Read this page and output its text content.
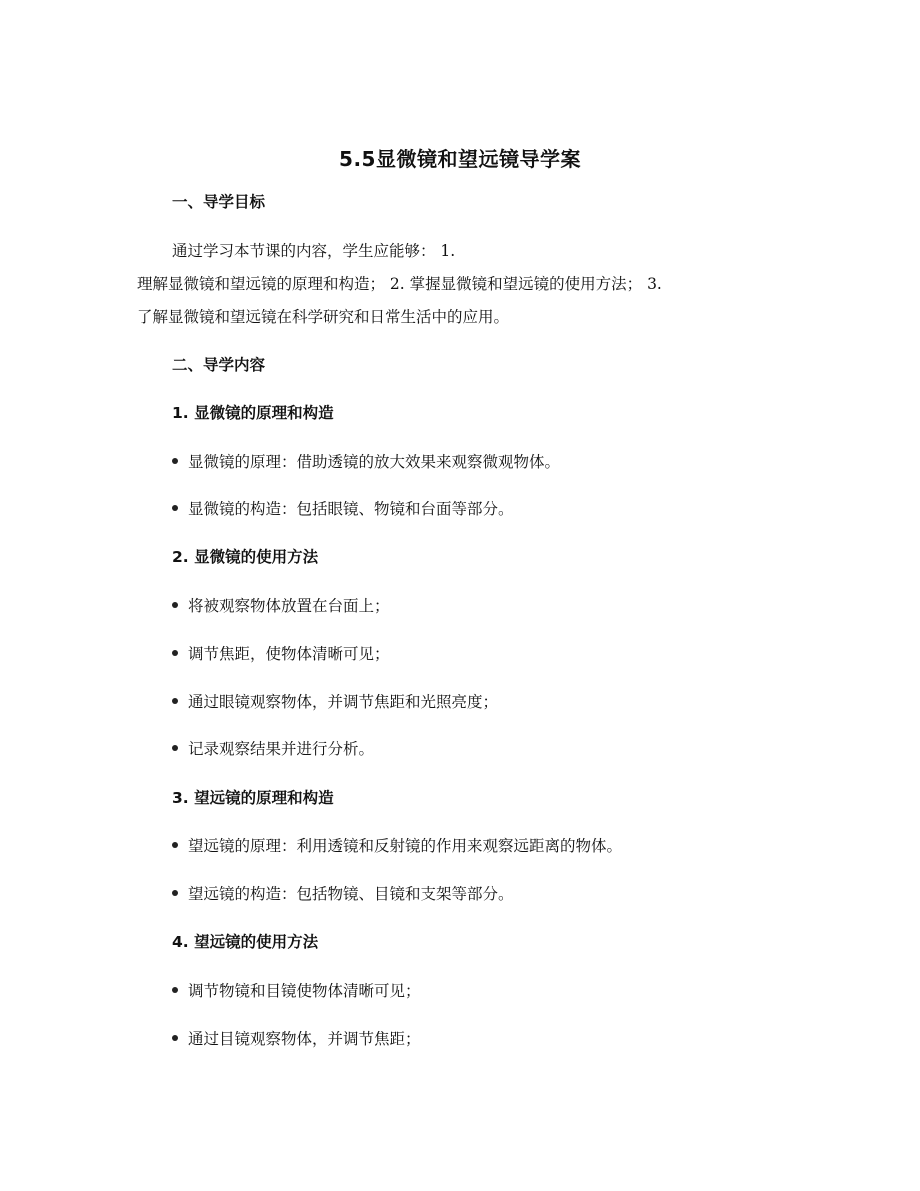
5.5显微镜和望远镜导学案
一、导学目标
通过学习本节课的内容，学生应能够： 1.
理解显微镜和望远镜的原理和构造； 2. 掌握显微镜和望远镜的使用方法； 3.
了解显微镜和望远镜在科学研究和日常生活中的应用。
二、导学内容
1. 显微镜的原理和构造
显微镜的原理：借助透镜的放大效果来观察微观物体。
显微镜的构造：包括眼镜、物镜和台面等部分。
2. 显微镜的使用方法
将被观察物体放置在台面上；
调节焦距，使物体清晰可见；
通过眼镜观察物体，并调节焦距和光照亮度；
记录观察结果并进行分析。
3. 望远镜的原理和构造
望远镜的原理：利用透镜和反射镜的作用来观察远距离的物体。
望远镜的构造：包括物镜、目镜和支架等部分。
4. 望远镜的使用方法
调节物镜和目镜使物体清晰可见；
通过目镜观察物体，并调节焦距；
